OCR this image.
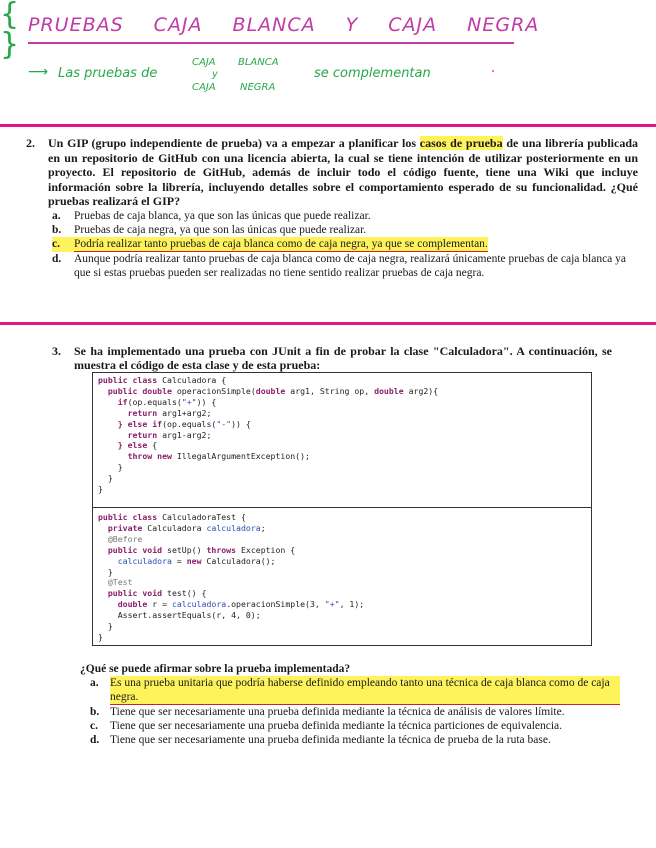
PRUEBAS CAJA BLANCA Y CAJA NEGRA
⟶ Las pruebas de
{
CAJA BLANCA
y
CAJA NEGRA
}
se complementan
2.	Un GIP (grupo independiente de prueba) va a empezar a planificar los casos de prueba de una librería publicada en un repositorio de GitHub con una licencia abierta, la cual se tiene intención de utilizar posteriormente en un proyecto. El repositorio de GitHub, además de incluir todo el código fuente, tiene una Wiki que incluye información sobre la librería, incluyendo detalles sobre el comportamiento esperado de su funcionalidad. ¿Qué pruebas realizará el GIP?
a.	Pruebas de caja blanca, ya que son las únicas que puede realizar.
b.	Pruebas de caja negra, ya que son las únicas que puede realizar.
c.	Podría realizar tanto pruebas de caja blanca como de caja negra, ya que se complementan.
d.	Aunque podría realizar tanto pruebas de caja blanca como de caja negra, realizará únicamente pruebas de caja blanca ya que si estas pruebas pueden ser realizadas no tiene sentido realizar pruebas de caja negra.
3.	Se ha implementado una prueba con JUnit a fin de probar la clase "Calculadora". A continuación, se muestra el código de esta clase y de esta prueba:
public class Calculadora {
public double operacionSimple(double arg1, String op, double arg2){
if(op.equals("+")) {
return arg1+arg2;
} else if(op.equals("-")) {
return arg1-arg2;
} else {
throw new IllegalArgumentException();
}
}
}
public class CalculadoraTest {
private Calculadora calculadora;
@Before
public void setUp() throws Exception {
calculadora = new Calculadora();
}
@Test
public void test() {
double r = calculadora.operacionSimple(3, "+", 1);
Assert.assertEquals(r, 4, 0);
}
}
¿Qué se puede afirmar sobre la prueba implementada?
a. Es una prueba unitaria que podría haberse definido empleando tanto una técnica de caja blanca como de caja negra.
b. Tiene que ser necesariamente una prueba definida mediante la técnica de análisis de valores límite.
c.	Tiene que ser necesariamente una prueba definida mediante la técnica particiones de equivalencia.
d. Tiene que ser necesariamente una prueba definida mediante la técnica de prueba de la ruta base.
